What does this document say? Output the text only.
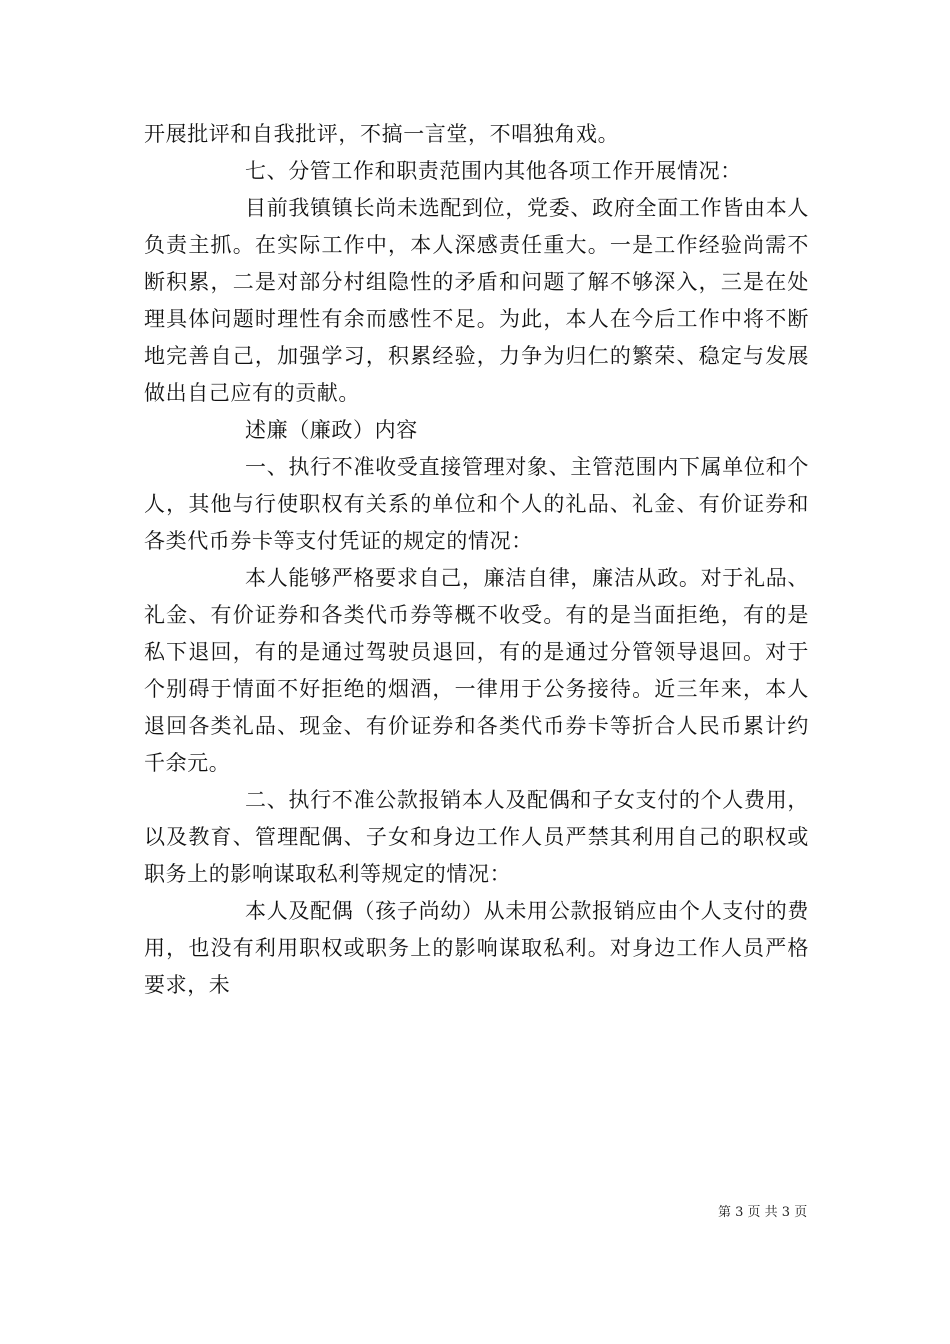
开展批评和自我批评，不搞一言堂，不唱独角戏。

七、分管工作和职责范围内其他各项工作开展情况：

目前我镇镇长尚未选配到位，党委、政府全面工作皆由本人负责主抓。在实际工作中，本人深感责任重大。一是工作经验尚需不断积累，二是对部分村组隐性的矛盾和问题了解不够深入，三是在处理具体问题时理性有余而感性不足。为此，本人在今后工作中将不断地完善自己，加强学习，积累经验，力争为归仁的繁荣、稳定与发展做出自己应有的贡献。

述廉（廉政）内容

一、执行不准收受直接管理对象、主管范围内下属单位和个人，其他与行使职权有关系的单位和个人的礼品、礼金、有价证券和各类代币券卡等支付凭证的规定的情况：

本人能够严格要求自己，廉洁自律，廉洁从政。对于礼品、礼金、有价证券和各类代币券等概不收受。有的是当面拒绝，有的是私下退回，有的是通过驾驶员退回，有的是通过分管领导退回。对于个别碍于情面不好拒绝的烟酒，一律用于公务接待。近三年来，本人退回各类礼品、现金、有价证券和各类代币券卡等折合人民币累计约千余元。

二、执行不准公款报销本人及配偶和子女支付的个人费用，以及教育、管理配偶、子女和身边工作人员严禁其利用自己的职权或职务上的影响谋取私利等规定的情况：

本人及配偶（孩子尚幼）从未用公款报销应由个人支付的费用，也没有利用职权或职务上的影响谋取私利。对身边工作人员严格要求，未

第 3 页 共 3 页
